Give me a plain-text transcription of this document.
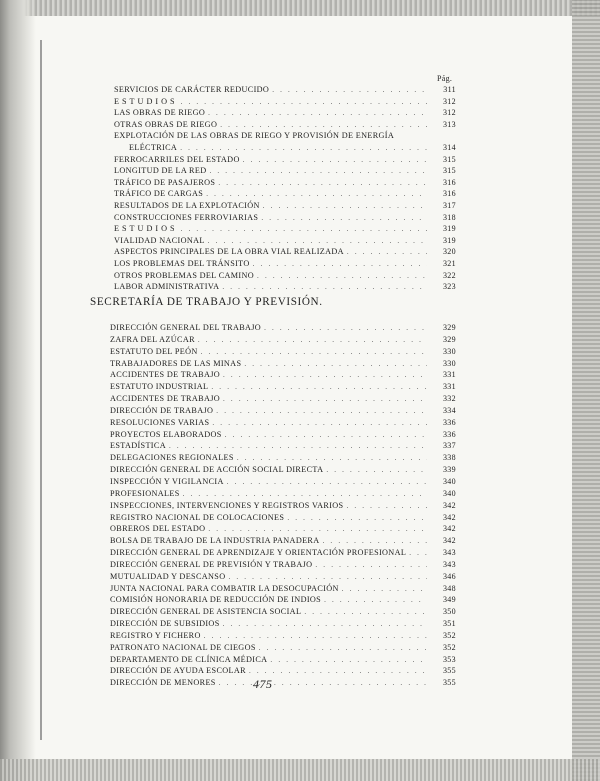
Pág.
SERVICIOS DE CARÁCTER REDUCIDO . . .	311
ESTUDIOS . . .	312
LAS OBRAS DE RIEGO . . .	312
OTRAS OBRAS DE RIEGO . . .	313
EXPLOTACIÓN DE LAS OBRAS DE RIEGO Y PROVISIÓN DE ENERGÍA
ELÉCTRICA . . .	314
FERROCARRILES DEL ESTADO . . .	315
LONGITUD DE LA RED . . .	315
TRÁFICO DE PASAJEROS . . .	316
TRÁFICO DE CARGAS . . .	316
RESULTADOS DE LA EXPLOTACIÓN . . .	317
CONSTRUCCIONES FERROVIARIAS . . .	318
ESTUDIOS . . .	319
VIALIDAD NACIONAL . . .	319
ASPECTOS PRINCIPALES DE LA OBRA VIAL REALIZADA . . .	320
LOS PROBLEMAS DEL TRÁNSITO . . .	321
OTROS PROBLEMAS DEL CAMINO . . .	322
LABOR ADMINISTRATIVA . . .	323
SECRETARÍA DE TRABAJO Y PREVISIÓN.
DIRECCIÓN GENERAL DEL TRABAJO . . .	329
ZAFRA DEL AZÚCAR . . .	329
ESTATUTO DEL PEÓN . . .	330
TRABAJADORES DE LAS MINAS . . .	330
ACCIDENTES DE TRABAJO . . .	331
ESTATUTO INDUSTRIAL . . .	331
ACCIDENTES DE TRABAJO . . .	332
DIRECCIÓN DE TRABAJO . . .	334
RESOLUCIONES VARIAS . . .	336
PROYECTOS ELABORADOS . . .	336
ESTADÍSTICA . . .	337
DELEGACIONES REGIONALES . . .	338
DIRECCIÓN GENERAL DE ACCIÓN SOCIAL DIRECTA . . .	339
INSPECCIÓN Y VIGILANCIA . . .	340
PROFESIONALES . . .	340
INSPECCIONES, INTERVENCIONES Y REGISTROS VARIOS . . .	342
REGISTRO NACIONAL DE COLOCACIONES . . .	342
OBREROS DEL ESTADO . . .	342
BOLSA DE TRABAJO DE LA INDUSTRIA PANADERA . . .	342
DIRECCIÓN GENERAL DE APRENDIZAJE Y ORIENTACIÓN PROFESIONAL . . .	343
DIRECCIÓN GENERAL DE PREVISIÓN Y TRABAJO . . .	343
MUTUALIDAD Y DESCANSO . . .	346
JUNTA NACIONAL PARA COMBATIR LA DESOCUPACIÓN . . .	348
COMISIÓN HONORARIA DE REDUCCIÓN DE INDIOS . . .	349
DIRECCIÓN GENERAL DE ASISTENCIA SOCIAL . . .	350
DIRECCIÓN DE SUBSIDIOS . . .	351
REGISTRO Y FICHERO . . .	352
PATRONATO NACIONAL DE CIEGOS . . .	352
DEPARTAMENTO DE CLÍNICA MÉDICA . . .	353
DIRECCIÓN DE AYUDA ESCOLAR . . .	355
DIRECCIÓN DE MENORES . . .	355
475
